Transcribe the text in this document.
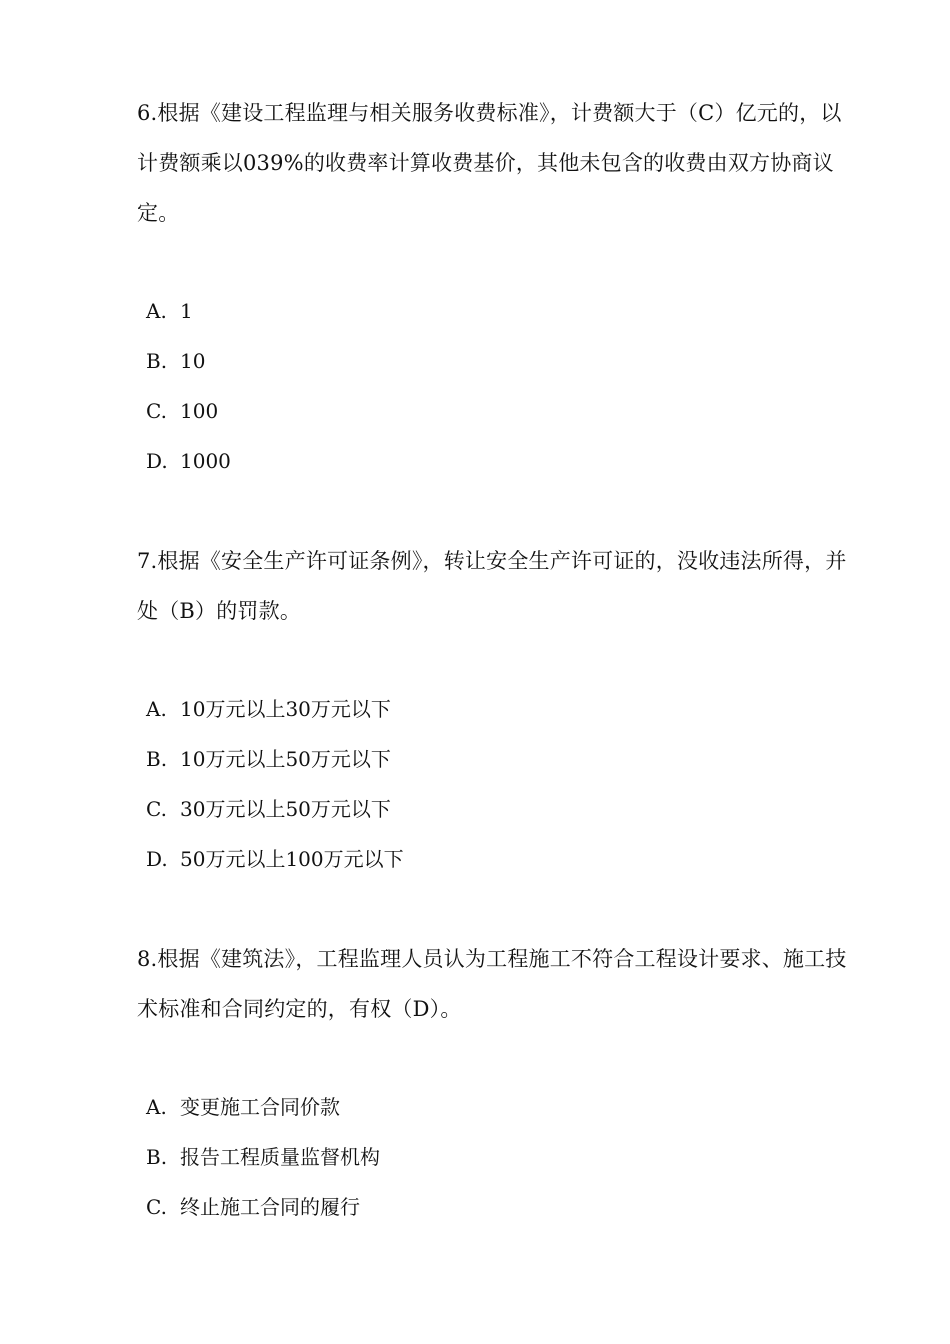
6.根据《建设工程监理与相关服务收费标准》，计费额大于（C）亿元的，以计费额乘以039%的收费率计算收费基价，其他未包含的收费由双方协商议定。

A. 1

B. 10

C. 100

D. 1000

7.根据《安全生产许可证条例》，转让安全生产许可证的，没收违法所得，并处（B）的罚款。

A. 10万元以上30万元以下

B. 10万元以上50万元以下

C. 30万元以上50万元以下

D. 50万元以上100万元以下

8.根据《建筑法》，工程监理人员认为工程施工不符合工程设计要求、施工技术标准和合同约定的，有权（D）。

A. 变更施工合同价款

B. 报告工程质量监督机构

C. 终止施工合同的履行
